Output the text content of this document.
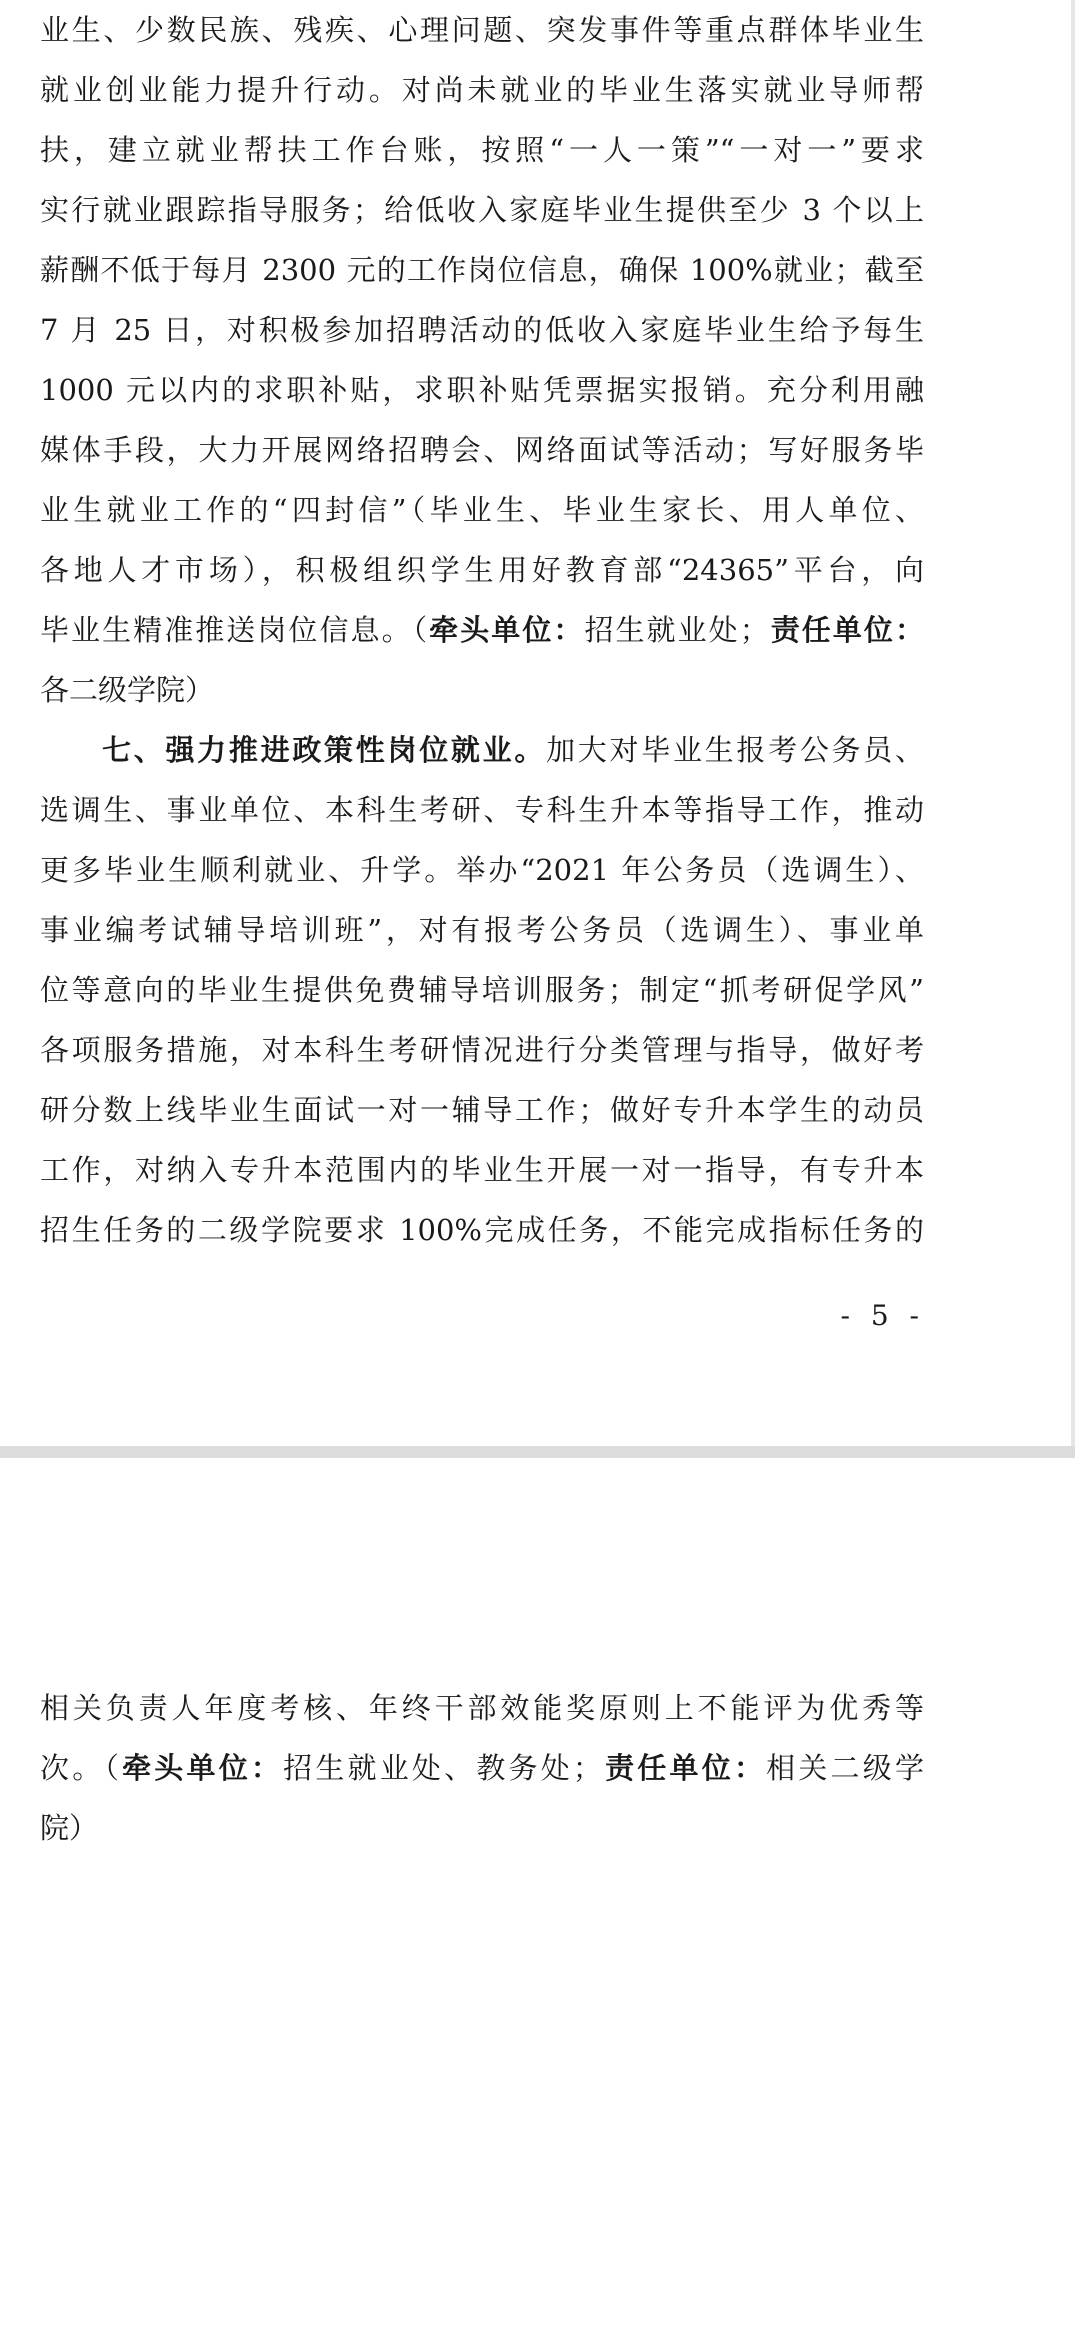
业生、少数民族、残疾、心理问题、突发事件等重点群体毕业生
就业创业能力提升行动。对尚未就业的毕业生落实就业导师帮
扶，建立就业帮扶工作台账，按照“一人一策”“一对一”要求
实行就业跟踪指导服务；给低收入家庭毕业生提供至少 3 个以上
薪酬不低于每月 2300 元的工作岗位信息，确保 100%就业；截至
7 月 25 日，对积极参加招聘活动的低收入家庭毕业生给予每生
1000 元以内的求职补贴，求职补贴凭票据实报销。充分利用融
媒体手段，大力开展网络招聘会、网络面试等活动；写好服务毕
业生就业工作的“四封信”（毕业生、毕业生家长、用人单位、
各地人才市场），积极组织学生用好教育部“24365”平台，向
毕业生精准推送岗位信息。（牵头单位：招生就业处；责任单位：
各二级学院）
七、强力推进政策性岗位就业。加大对毕业生报考公务员、
选调生、事业单位、本科生考研、专科生升本等指导工作，推动
更多毕业生顺利就业、升学。举办“2021 年公务员（选调生）、
事业编考试辅导培训班”，对有报考公务员（选调生）、事业单
位等意向的毕业生提供免费辅导培训服务；制定“抓考研促学风”
各项服务措施，对本科生考研情况进行分类管理与指导，做好考
研分数上线毕业生面试一对一辅导工作；做好专升本学生的动员
工作，对纳入专升本范围内的毕业生开展一对一指导，有专升本
招生任务的二级学院要求 100%完成任务，不能完成指标任务的
- 5 -
相关负责人年度考核、年终干部效能奖原则上不能评为优秀等
次。（牵头单位：招生就业处、教务处；责任单位：相关二级学
院）
